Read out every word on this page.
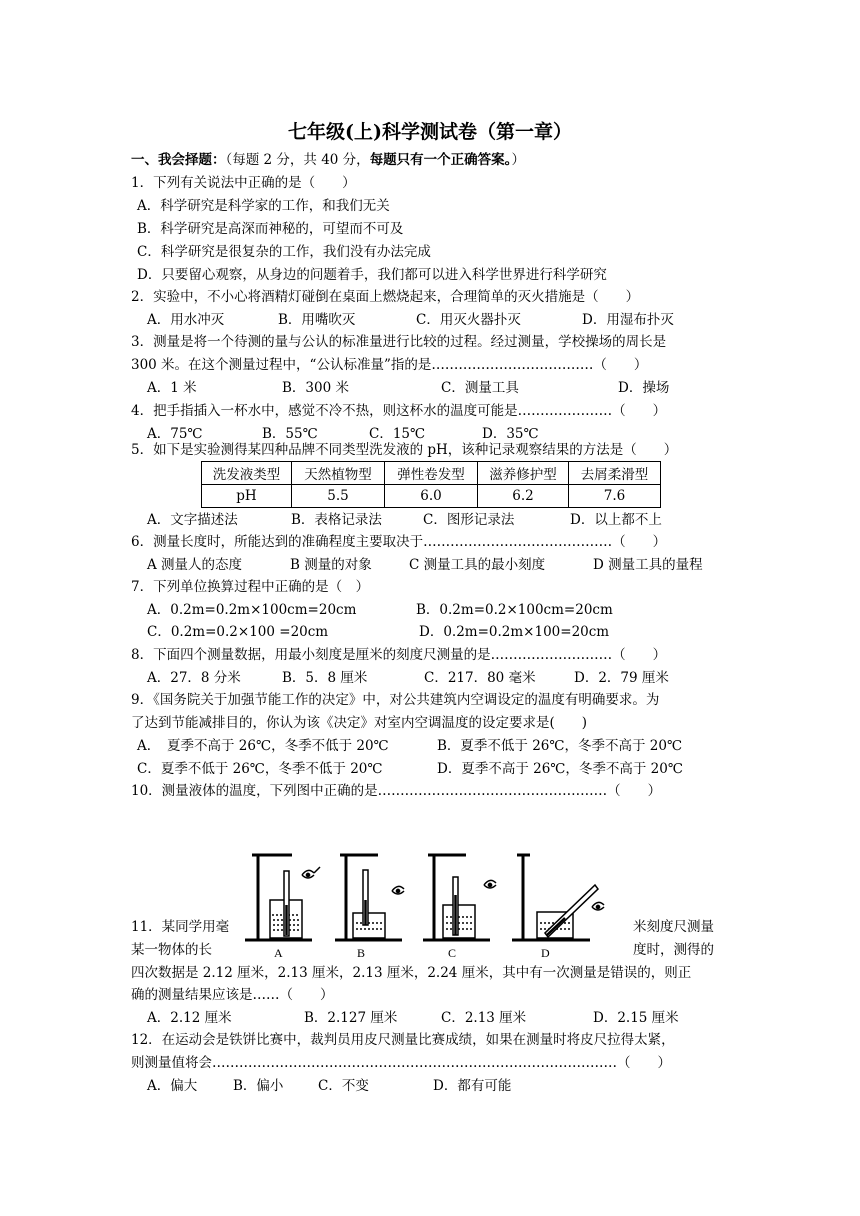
七年级(上)科学测试卷（第一章）
一、我会择题：（每题 2 分，共 40 分，每题只有一个正确答案。）
1．下列有关说法中正确的是（　　）
A．科学研究是科学家的工作，和我们无关
B．科学研究是高深而神秘的，可望而不可及
C．科学研究是很复杂的工作，我们没有办法完成
D．只要留心观察，从身边的问题着手，我们都可以进入科学世界进行科学研究
2．实验中，不小心将酒精灯碰倒在桌面上燃烧起来，合理简单的灭火措施是（　　）
A．用水冲灭	B．用嘴吹灭	C．用灭火器扑灭	D．用湿布扑灭
3．测量是将一个待测的量与公认的标准量进行比较的过程。经过测量，学校操场的周长是
300 米。在这个测量过程中，“公认标准量”指的是………………………………（　　）
A．1 米	B．300 米	C．测量工具	D．操场
4．把手指插入一杯水中，感觉不冷不热，则这杯水的温度可能是…………………（　　）
A．75℃	B．55℃	C．15℃	D．35℃
5．如下是实验测得某四种品牌不同类型洗发液的 pH，该种记录观察结果的方法是（　　）
洗发液类型	天然植物型	弹性卷发型	滋养修护型	去屑柔滑型
pH	5.5	6.0	6.2	7.6
A．文字描述法	B．表格记录法	C．图形记录法	D．以上都不上
6．测量长度时，所能达到的准确程度主要取决于……………………………………（　　）
A 测量人的态度	B 测量的对象	C 测量工具的最小刻度	D 测量工具的量程
7．下列单位换算过程中正确的是（　）
A．0.2m=0.2m×100cm=20cm	B．0.2m=0.2×100cm=20cm
C．0.2m=0.2×100 =20cm	D．0.2m=0.2m×100=20cm
8．下面四个测量数据，用最小刻度是厘米的刻度尺测量的是………………………（　　）
A．27．8 分米	B．5．8 厘米	C．217．80 毫米	D．2．79 厘米
9．《国务院关于加强节能工作的决定》中，对公共建筑内空调设定的温度有明确要求。为
了达到节能减排目的，你认为该《决定》对室内空调温度的设定要求是(　　)
A．　夏季不高于 26℃，冬季不低于 20℃	B．夏季不低于 26℃，冬季不高于 20℃
C．夏季不低于 26℃，冬季不低于 20℃	D．夏季不高于 26℃，冬季不高于 20℃
10．测量液体的温度，下列图中正确的是……………………………………………（　　）
A	B	C	D
11．某同学用毫	米刻度尺测量
某一物体的长	度时，测得的
四次数据是 2.12 厘米，2.13 厘米，2.13 厘米，2.24 厘米，其中有一次测量是错误的，则正
确的测量结果应该是……（　　）
A．2.12 厘米	B．2.127 厘米	C．2.13 厘米	D．2.15 厘米
12．在运动会是铁饼比赛中，裁判员用皮尺测量比赛成绩，如果在测量时将皮尺拉得太紧，
则测量值将会………………………………………………………………………………（　　）
A．偏大	B．偏小	C．不变	D．都有可能
